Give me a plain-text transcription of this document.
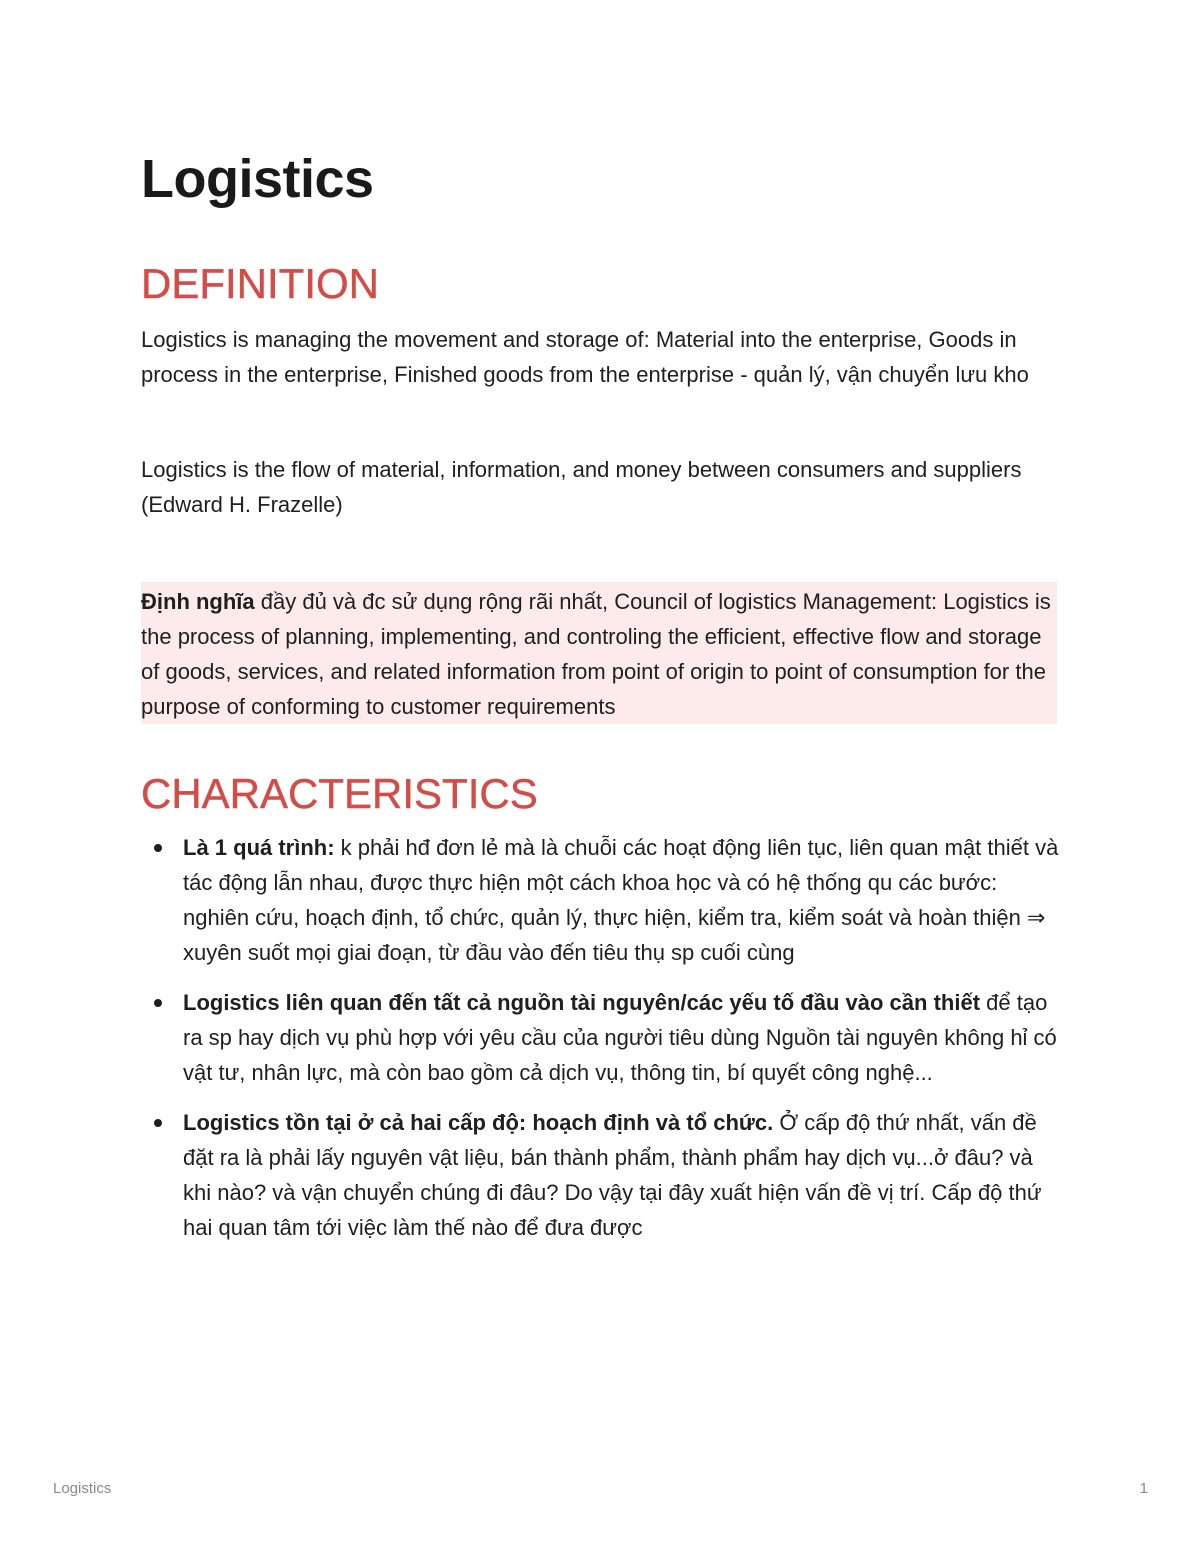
Logistics
DEFINITION

Logistics is managing the movement and storage of: Material into the enterprise, Goods in process in the enterprise, Finished goods from the enterprise - quản lý, vận chuyển lưu kho

Logistics is the flow of material, information, and money between consumers and suppliers (Edward H. Frazelle)

Định nghĩa đầy đủ và đc sử dụng rộng rãi nhất, Council of logistics Management: Logistics is the process of planning, implementing, and controling the efficient, effective flow and storage of goods, services, and related information from point of origin to point of consumption for the purpose of conforming to customer requirements

CHARACTERISTICS
Là 1 quá trình: k phải hđ đơn lẻ mà là chuỗi các hoạt động liên tục, liên quan mật thiết và tác động lẫn nhau, được thực hiện một cách khoa học và có hệ thống qu các bước: nghiên cứu, hoạch định, tổ chức, quản lý, thực hiện, kiểm tra, kiểm soát và hoàn thiện ⇒ xuyên suốt mọi giai đoạn, từ đầu vào đến tiêu thụ sp cuối cùng
Logistics liên quan đến tất cả nguồn tài nguyên/các yếu tố đầu vào cần thiết để tạo ra sp hay dịch vụ phù hợp với yêu cầu của người tiêu dùng Nguồn tài nguyên không hỉ có vật tư, nhân lực, mà còn bao gồm cả dịch vụ, thông tin, bí quyết công nghệ...
Logistics tồn tại ở cả hai cấp độ: hoạch định và tổ chức. Ở cấp độ thứ nhất, vấn đề đặt ra là phải lấy nguyên vật liệu, bán thành phẩm, thành phẩm hay dịch vụ...ở đâu? và khi nào? và vận chuyển chúng đi đâu? Do vậy tại đây xuất hiện vấn đề vị trí. Cấp độ thứ hai quan tâm tới việc làm thế nào để đưa được
Logistics	1
